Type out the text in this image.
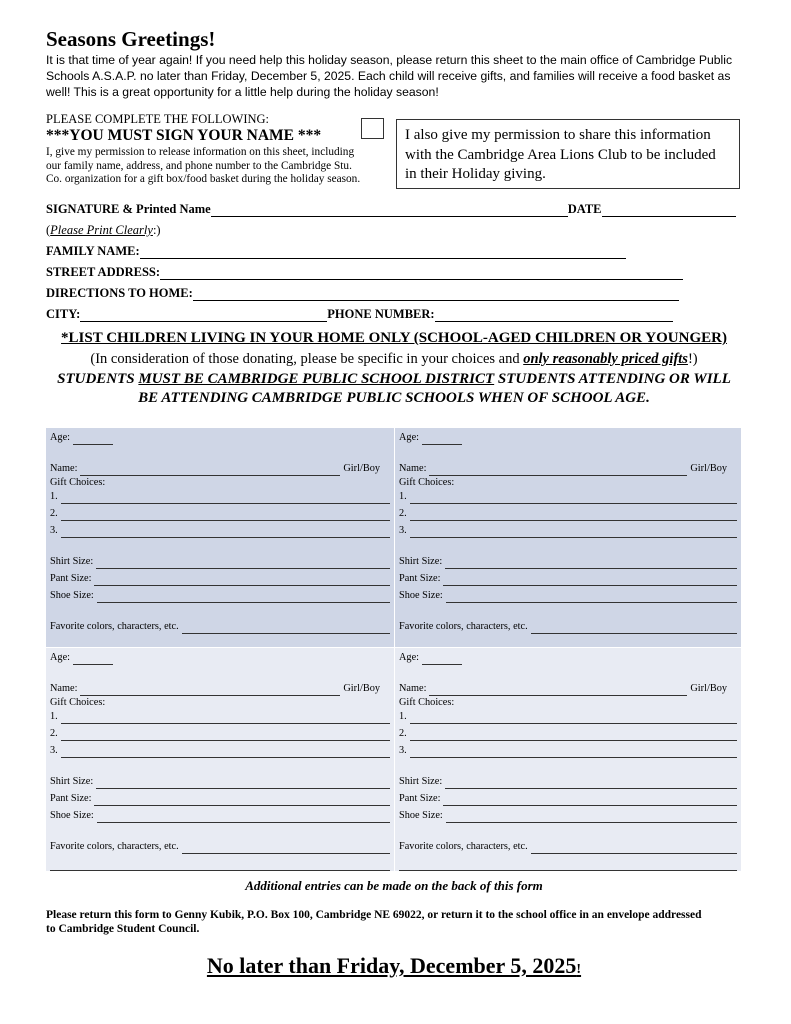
Seasons Greetings!
It is that time of year again! If you need help this holiday season, please return this sheet to the main office of Cambridge Public Schools A.S.A.P. no later than Friday, December 5, 2025. Each child will receive gifts, and families will receive a food basket as well! This is a great opportunity for a little help during the holiday season!
PLEASE COMPLETE THE FOLLOWING:
***YOU MUST SIGN YOUR NAME ***
I, give my permission to release information on this sheet, including our family name, address, and phone number to the Cambridge Stu. Co. organization for a gift box/food basket during the holiday season.
I also give my permission to share this information with the Cambridge Area Lions Club to be included in their Holiday giving.
SIGNATURE & Printed Name	DATE
(Please Print Clearly:)
FAMILY NAME:
STREET ADDRESS:
DIRECTIONS TO HOME:
CITY:	PHONE NUMBER:
*LIST CHILDREN LIVING IN YOUR HOME ONLY (SCHOOL-AGED CHILDREN OR YOUNGER)
(In consideration of those donating, please be specific in your choices and only reasonably priced gifts!)
STUDENTS MUST BE CAMBRIDGE PUBLIC SCHOOL DISTRICT STUDENTS ATTENDING OR WILL BE ATTENDING CAMBRIDGE PUBLIC SCHOOLS WHEN OF SCHOOL AGE.
Age:
Name:	Girl/Boy
Gift Choices:
1.
2.
3.
Shirt Size:
Pant Size:
Shoe Size:
Favorite colors, characters, etc.
Age:
Name:	Girl/Boy
Gift Choices:
1.
2.
3.
Shirt Size:
Pant Size:
Shoe Size:
Favorite colors, characters, etc.
Age:
Name:	Girl/Boy
Gift Choices:
1.
2.
3.
Shirt Size:
Pant Size:
Shoe Size:
Favorite colors, characters, etc.
Age:
Name:	Girl/Boy
Gift Choices:
1.
2.
3.
Shirt Size:
Pant Size:
Shoe Size:
Favorite colors, characters, etc.
Additional entries can be made on the back of this form
Please return this form to Genny Kubik, P.O. Box 100, Cambridge NE 69022, or return it to the school office in an envelope addressed to Cambridge Student Council.
No later than Friday, December 5, 2025!
